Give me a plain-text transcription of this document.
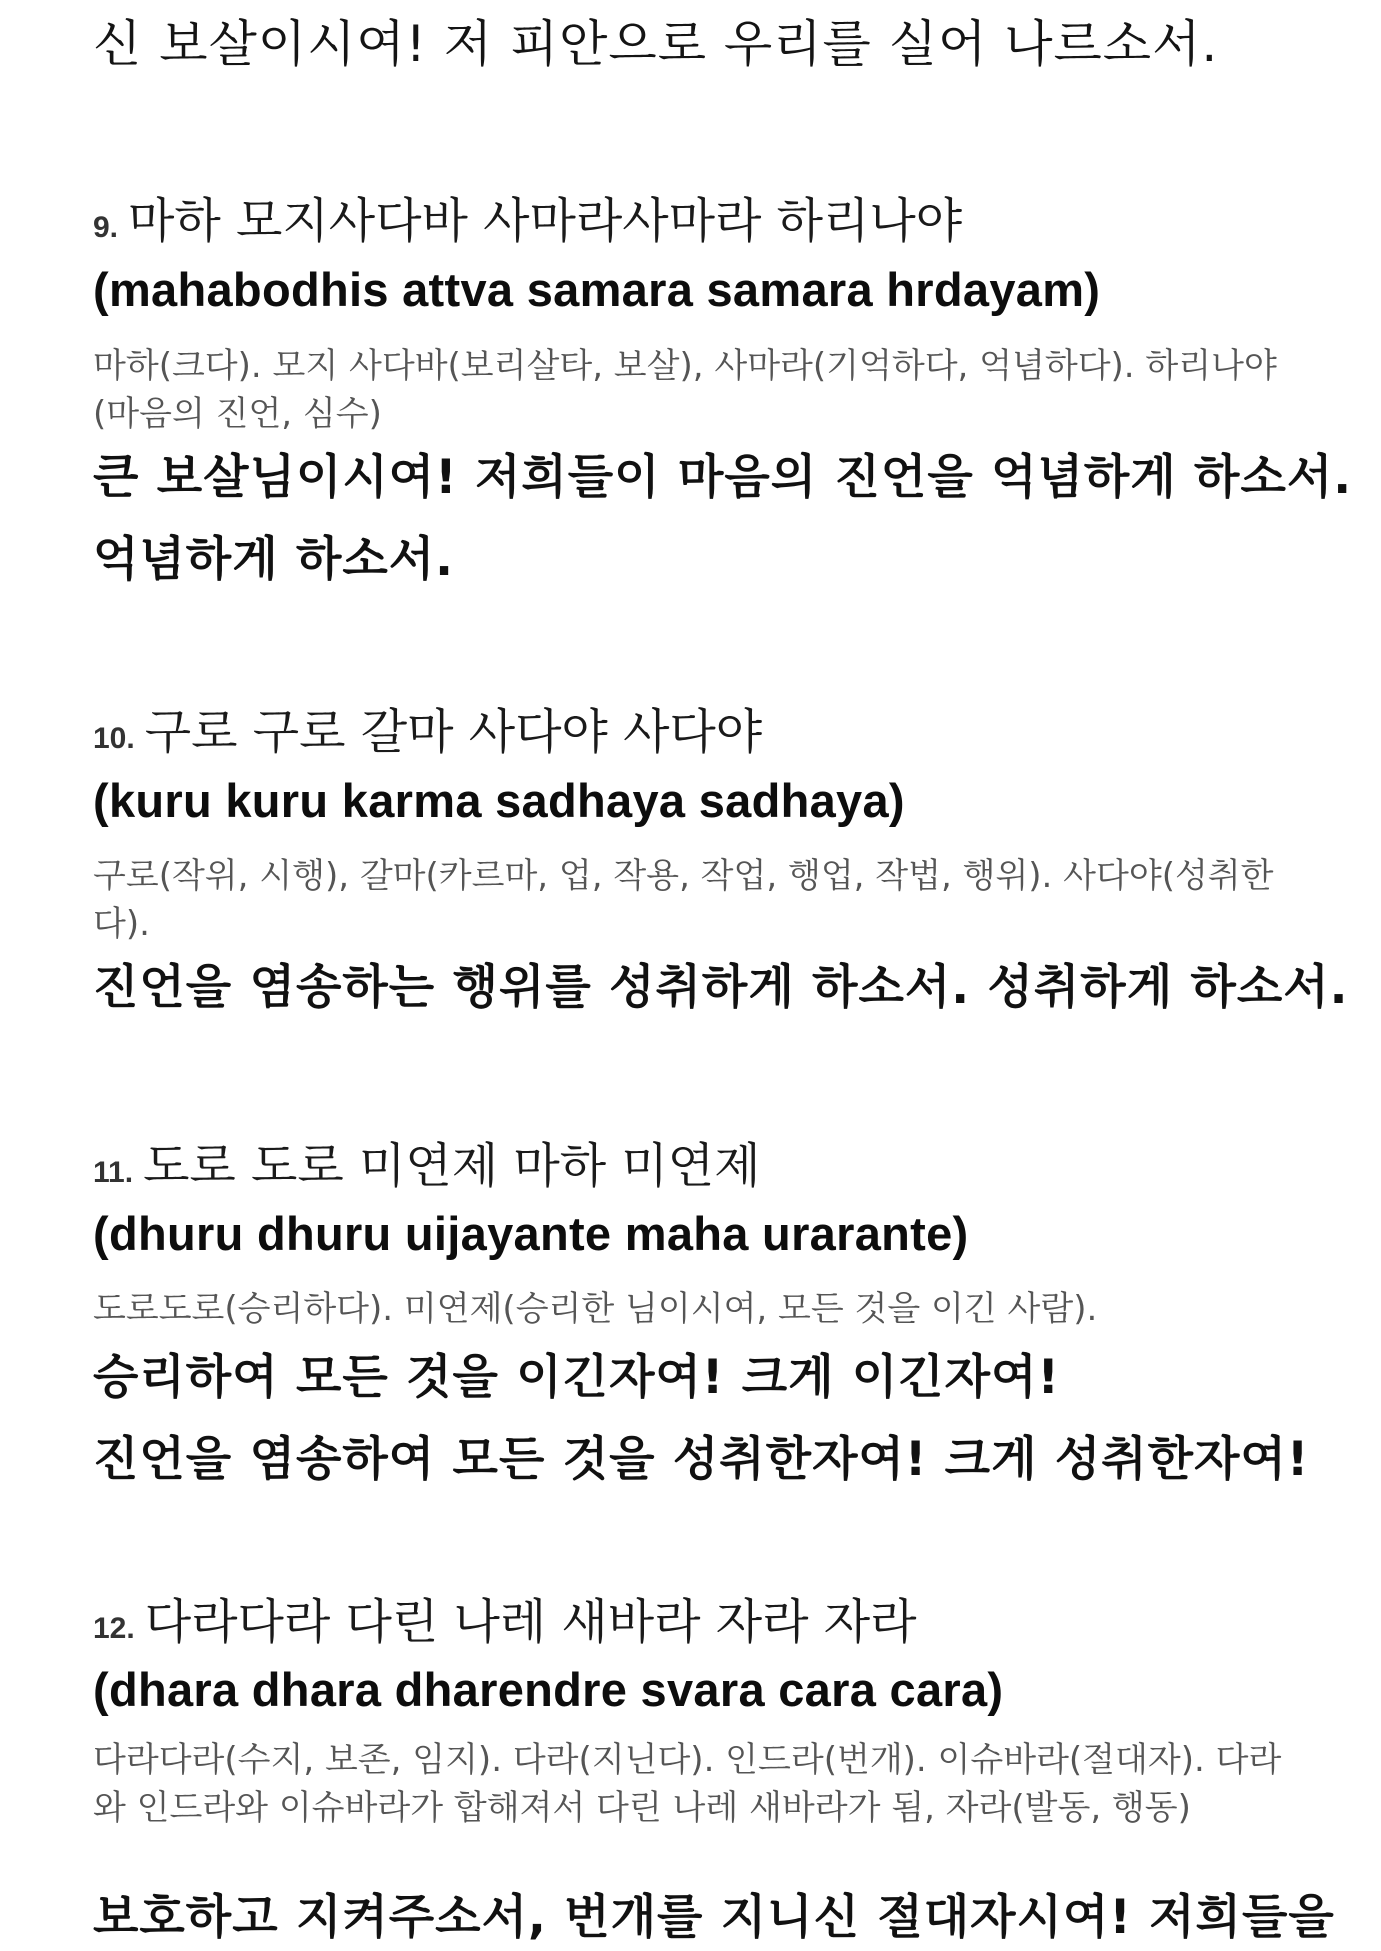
신 보살이시여! 저 피안으로 우리를 실어 나르소서.
9. 마하 모지사다바 사마라사마라 하리나야
(mahabodhis attva samara samara hrdayam)
마하(크다). 모지 사다바(보리살타, 보살), 사마라(기억하다, 억념하다). 하리나야(마음의 진언, 심수)
큰 보살님이시여! 저희들이 마음의 진언을 억념하게 하소서.
억념하게 하소서.
10. 구로 구로 갈마 사다야 사다야
(kuru kuru karma sadhaya sadhaya)
구로(작위, 시행), 갈마(카르마, 업, 작용, 작업, 행업, 작법, 행위). 사다야(성취한다).
진언을 염송하는 행위를 성취하게 하소서. 성취하게 하소서.
11. 도로 도로 미연제 마하 미연제
(dhuru dhuru uijayante maha urarante)
도로도로(승리하다). 미연제(승리한 님이시여, 모든 것을 이긴 사람).
승리하여 모든 것을 이긴자여! 크게 이긴자여!
진언을 염송하여 모든 것을 성취한자여! 크게 성취한자여!
12. 다라다라 다린 나레 새바라 자라 자라
(dhara dhara dharendre svara cara cara)
다라다라(수지, 보존, 임지). 다라(지닌다). 인드라(번개). 이슈바라(절대자). 다라와 인드라와 이슈바라가 합해져서 다린 나레 새바라가 됨, 자라(발동, 행동)
보호하고 지켜주소서, 번개를 지니신 절대자시여! 저희들을
